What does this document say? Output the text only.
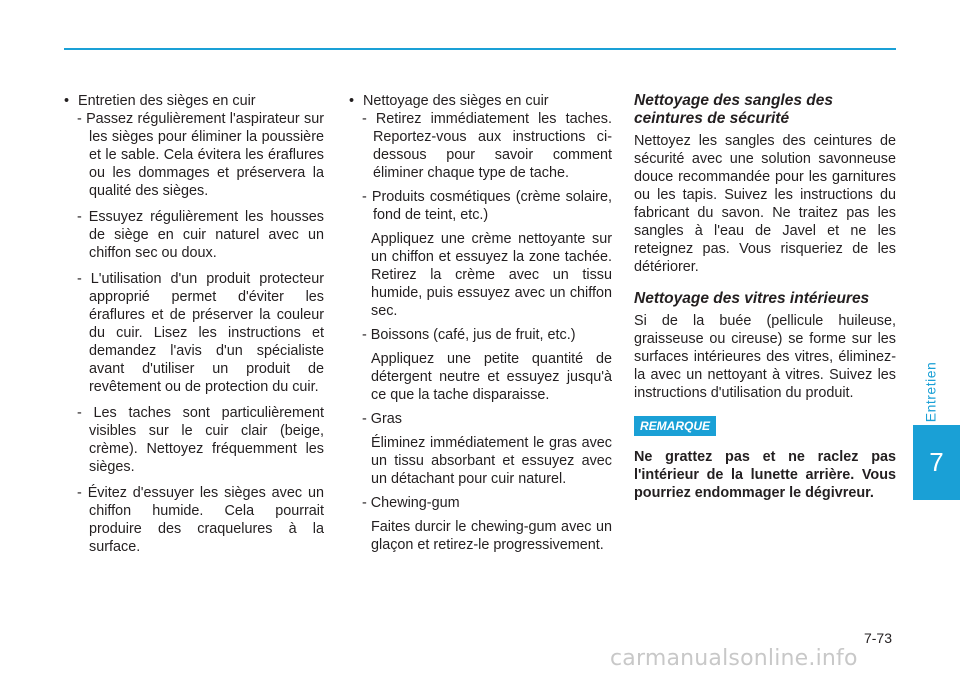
Entretien
7

• Entretien des sièges en cuir

- Passez régulièrement l'aspirateur sur les sièges pour éliminer la poussière et le sable. Cela évitera les éraflures ou les dommages et préservera la qualité des sièges.

- Essuyez régulièrement les housses de siège en cuir naturel avec un chiffon sec ou doux.

- L'utilisation d'un produit protecteur approprié permet d'éviter les éraflures et de préserver la couleur du cuir. Lisez les instructions et demandez l'avis d'un spécialiste avant d'utiliser un produit de revêtement ou de protection du cuir.

- Les taches sont particulièrement visibles sur le cuir clair (beige, crème). Nettoyez fréquemment les sièges.

- Évitez d'essuyer les sièges avec un chiffon humide. Cela pourrait produire des craquelures à la surface.

• Nettoyage des sièges en cuir

- Retirez immédiatement les taches. Reportez-vous aux instructions ci-dessous pour savoir comment éliminer chaque type de tache.

- Produits cosmétiques (crème solaire, fond de teint, etc.)

Appliquez une crème nettoyante sur un chiffon et essuyez la zone tachée. Retirez la crème avec un tissu humide, puis essuyez avec un chiffon sec.

- Boissons (café, jus de fruit, etc.)

Appliquez une petite quantité de détergent neutre et essuyez jusqu'à ce que la tache disparaisse.

- Gras

Éliminez immédiatement le gras avec un tissu absorbant et essuyez avec un détachant pour cuir naturel.

- Chewing-gum

Faites durcir le chewing-gum avec un glaçon et retirez-le progressivement.

Nettoyage des sangles des ceintures de sécurité

Nettoyez les sangles des ceintures de sécurité avec une solution savonneuse douce recommandée pour les garnitures ou les tapis. Suivez les instructions du fabricant du savon. Ne traitez pas les sangles à l'eau de Javel et ne les reteignez pas. Vous risqueriez de les détériorer.

Nettoyage des vitres intérieures

Si de la buée (pellicule huileuse, graisseuse ou cireuse) se forme sur les surfaces intérieures des vitres, éliminez-la avec un nettoyant à vitres. Suivez les instructions d'utilisation du produit.

REMARQUE

Ne grattez pas et ne raclez pas l'intérieur de la lunette arrière. Vous pourriez endommager le dégivreur.

7-73
carmanualsonline.info
